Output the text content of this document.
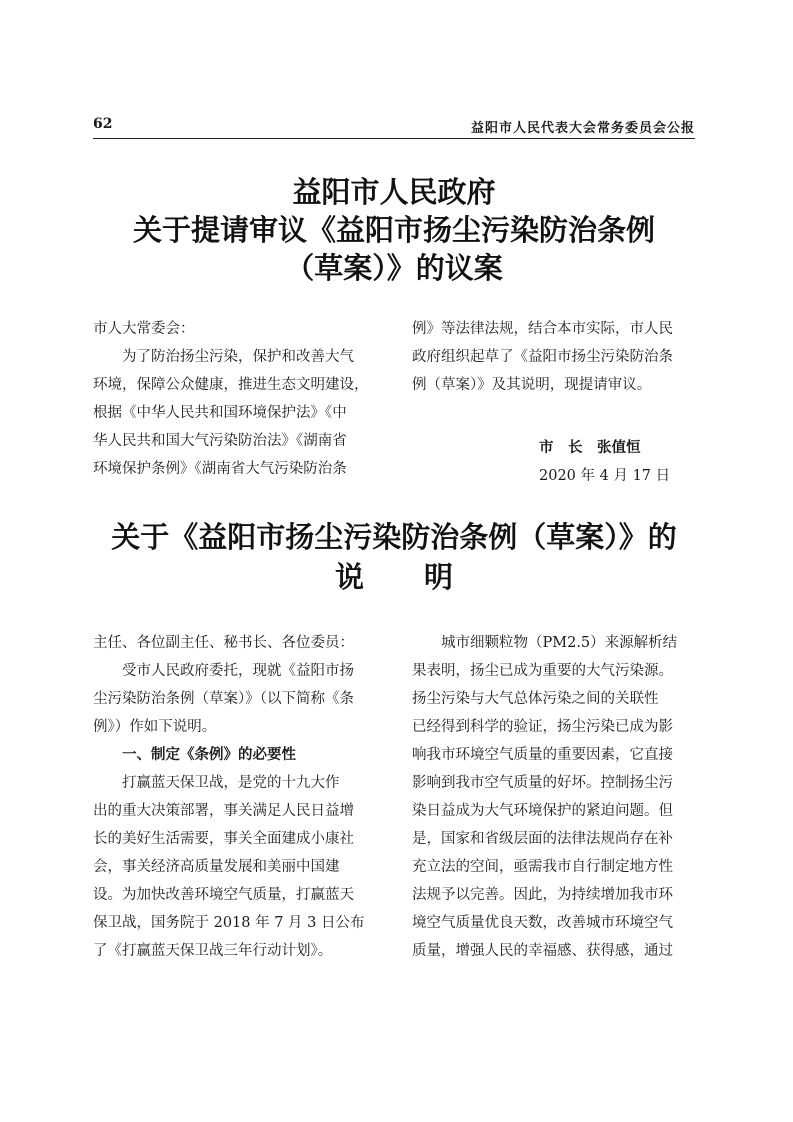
62	益阳市人民代表大会常务委员会公报
益阳市人民政府
关于提请审议《益阳市扬尘污染防治条例
（草案）》的议案
市人大常委会：
为了防治扬尘污染，保护和改善大气
环境，保障公众健康，推进生态文明建设，
根据《中华人民共和国环境保护法》《中
华人民共和国大气污染防治法》《湖南省
环境保护条例》《湖南省大气污染防治条
例》等法律法规，结合本市实际，市人民
政府组织起草了《益阳市扬尘污染防治条
例（草案）》及其说明，现提请审议。
市　长　张值恒
2020 年 4 月 17 日
关于《益阳市扬尘污染防治条例（草案）》的
说明
主任、各位副主任、秘书长、各位委员：
受市人民政府委托，现就《益阳市扬
尘污染防治条例（草案）》（以下简称《条
例》）作如下说明。
一、制定《条例》的必要性
打赢蓝天保卫战，是党的十九大作
出的重大决策部署，事关满足人民日益增
长的美好生活需要，事关全面建成小康社
会，事关经济高质量发展和美丽中国建
设。为加快改善环境空气质量，打赢蓝天
保卫战，国务院于 2018 年 7 月 3 日公布
了《打赢蓝天保卫战三年行动计划》。
城市细颗粒物（PM2.5）来源解析结
果表明，扬尘已成为重要的大气污染源。
扬尘污染与大气总体污染之间的关联性
已经得到科学的验证，扬尘污染已成为影
响我市环境空气质量的重要因素，它直接
影响到我市空气质量的好坏。控制扬尘污
染日益成为大气环境保护的紧迫问题。但
是，国家和省级层面的法律法规尚存在补
充立法的空间，亟需我市自行制定地方性
法规予以完善。因此，为持续增加我市环
境空气质量优良天数，改善城市环境空气
质量，增强人民的幸福感、获得感，通过
